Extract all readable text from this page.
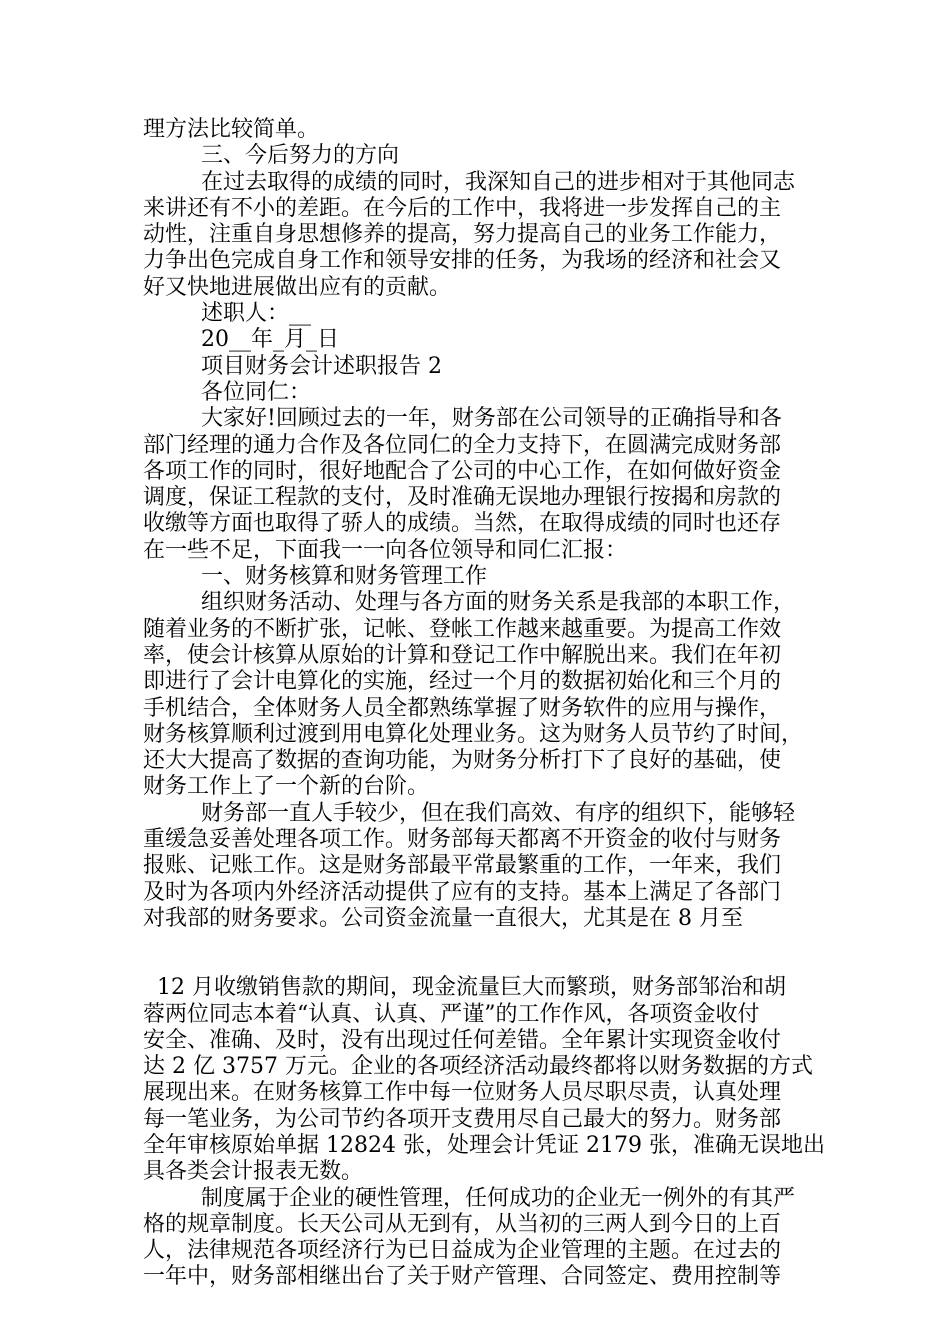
理方法比较简单。
三、今后努力的方向
在过去取得的成绩的同时，我深知自己的进步相对于其他同志
来讲还有不小的差距。在今后的工作中，我将进一步发挥自己的主
动性，注重自身思想修养的提高，努力提高自己的业务工作能力，
力争出色完成自身工作和领导安排的任务，为我场的经济和社会又
好又快地进展做出应有的贡献。
述职人：__
20__年_月_日
项目财务会计述职报告 2
各位同仁：
大家好!回顾过去的一年，财务部在公司领导的正确指导和各
部门经理的通力合作及各位同仁的全力支持下，在圆满完成财务部
各项工作的同时，很好地配合了公司的中心工作，在如何做好资金
调度，保证工程款的支付，及时准确无误地办理银行按揭和房款的
收缴等方面也取得了骄人的成绩。当然，在取得成绩的同时也还存
在一些不足，下面我一一向各位领导和同仁汇报：
一、财务核算和财务管理工作
组织财务活动、处理与各方面的财务关系是我部的本职工作，
随着业务的不断扩张，记帐、登帐工作越来越重要。为提高工作效
率，使会计核算从原始的计算和登记工作中解脱出来。我们在年初
即进行了会计电算化的实施，经过一个月的数据初始化和三个月的
手机结合，全体财务人员全都熟练掌握了财务软件的应用与操作，
财务核算顺利过渡到用电算化处理业务。这为财务人员节约了时间，
还大大提高了数据的查询功能，为财务分析打下了良好的基础，使
财务工作上了一个新的台阶。
财务部一直人手较少，但在我们高效、有序的组织下，能够轻
重缓急妥善处理各项工作。财务部每天都离不开资金的收付与财务
报账、记账工作。这是财务部最平常最繁重的工作，一年来，我们
及时为各项内外经济活动提供了应有的支持。基本上满足了各部门
对我部的财务要求。公司资金流量一直很大，尤其是在 8 月至
12 月收缴销售款的期间，现金流量巨大而繁琐，财务部邹治和胡
蓉两位同志本着“认真、认真、严谨”的工作作风，各项资金收付
安全、准确、及时，没有出现过任何差错。全年累计实现资金收付
达 2 亿 3757 万元。企业的各项经济活动最终都将以财务数据的方式
展现出来。在财务核算工作中每一位财务人员尽职尽责，认真处理
每一笔业务，为公司节约各项开支费用尽自己最大的努力。财务部
全年审核原始单据 12824 张，处理会计凭证 2179 张，准确无误地出
具各类会计报表无数。
制度属于企业的硬性管理，任何成功的企业无一例外的有其严
格的规章制度。长天公司从无到有，从当初的三两人到今日的上百
人，法律规范各项经济行为已日益成为企业管理的主题。在过去的
一年中，财务部相继出台了关于财产管理、合同签定、费用控制等
